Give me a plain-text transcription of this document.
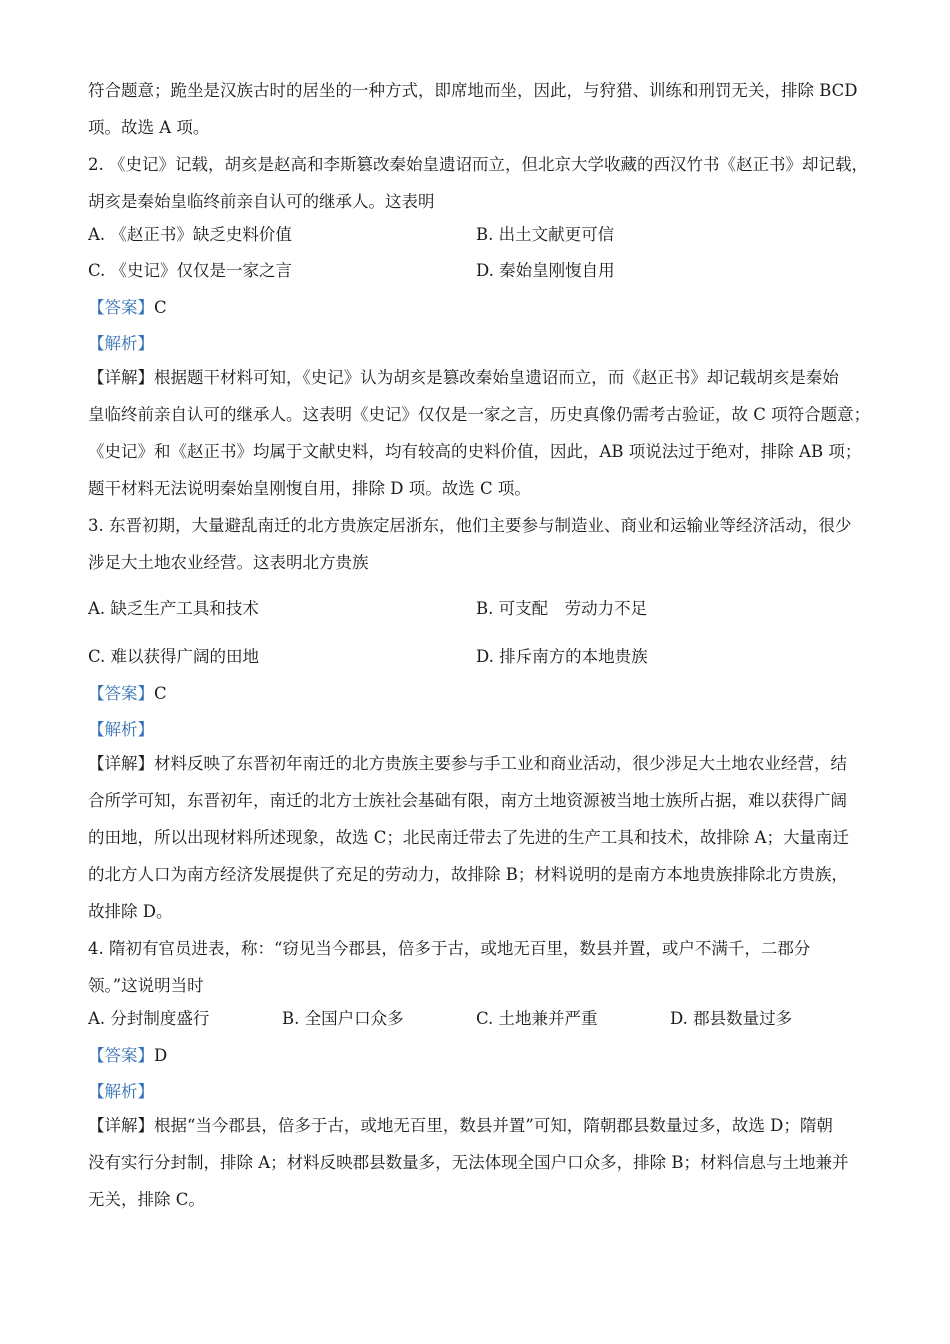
符合题意；跪坐是汉族古时的居坐的一种方式，即席地而坐，因此，与狩猎、训练和刑罚无关，排除 BCD
项。故选 A 项。
2. 《史记》记载，胡亥是赵高和李斯篡改秦始皇遗诏而立，但北京大学收藏的西汉竹书《赵正书》却记载，
胡亥是秦始皇临终前亲自认可的继承人。这表明
A. 《赵正书》缺乏史料价值	B. 出土文献更可信
C. 《史记》仅仅是一家之言	D. 秦始皇刚愎自用
【答案】C
【解析】
【详解】根据题干材料可知，《史记》认为胡亥是篡改秦始皇遗诏而立，而《赵正书》却记载胡亥是秦始
皇临终前亲自认可的继承人。这表明《史记》仅仅是一家之言，历史真像仍需考古验证，故 C 项符合题意；
《史记》和《赵正书》均属于文献史料，均有较高的史料价值，因此，AB 项说法过于绝对，排除 AB 项；
题干材料无法说明秦始皇刚愎自用，排除 D 项。故选 C 项。
3. 东晋初期，大量避乱南迁的北方贵族定居浙东，他们主要参与制造业、商业和运输业等经济活动，很少
涉足大土地农业经营。这表明北方贵族
A. 缺乏生产工具和技术	B. 可支配　劳动力不足
C. 难以获得广阔的田地	D. 排斥南方的本地贵族
【答案】C
【解析】
【详解】材料反映了东晋初年南迁的北方贵族主要参与手工业和商业活动，很少涉足大土地农业经营，结
合所学可知，东晋初年，南迁的北方士族社会基础有限，南方土地资源被当地士族所占据，难以获得广阔
的田地，所以出现材料所述现象，故选 C；北民南迁带去了先进的生产工具和技术，故排除 A；大量南迁
的北方人口为南方经济发展提供了充足的劳动力，故排除 B；材料说明的是南方本地贵族排除北方贵族，
故排除 D。
4. 隋初有官员进表，称：“窃见当今郡县，倍多于古，或地无百里，数县并置，或户不满千，二郡分
领。”这说明当时
A. 分封制度盛行	B. 全国户口众多	C. 土地兼并严重	D. 郡县数量过多
【答案】D
【解析】
【详解】根据“当今郡县，倍多于古，或地无百里，数县并置”可知，隋朝郡县数量过多，故选 D；隋朝
没有实行分封制，排除 A；材料反映郡县数量多，无法体现全国户口众多，排除 B；材料信息与土地兼并
无关，排除 C。
